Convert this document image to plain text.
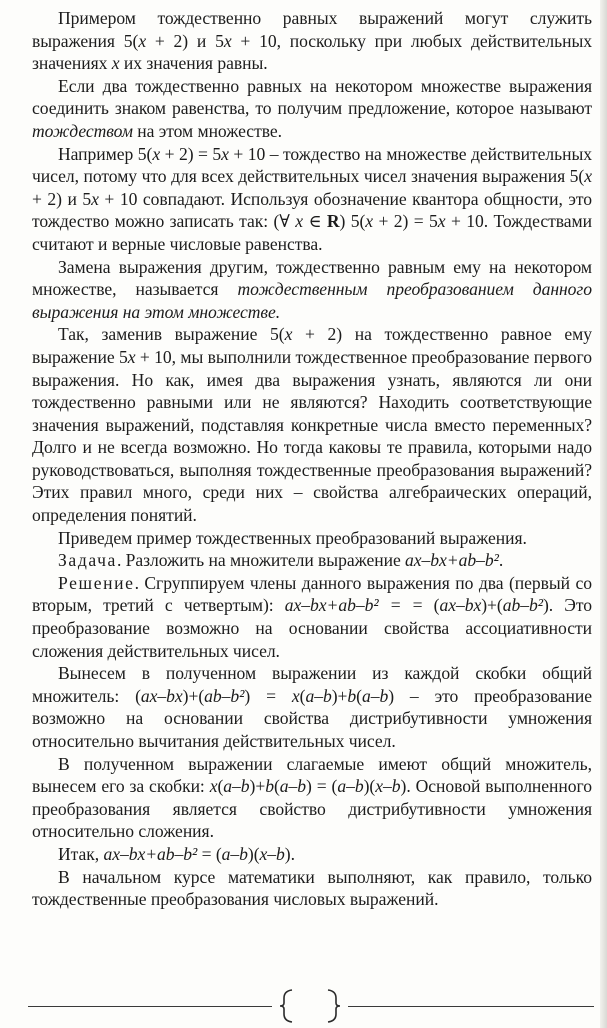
Примером тождественно равных выражений могут служить выражения 5(x + 2) и 5x + 10, поскольку при любых действительных значениях x их значения равны.

Если два тождественно равных на некотором множестве выражения соединить знаком равенства, то получим предложение, которое называют тождеством на этом множестве.

Например 5(x + 2) = 5x + 10 – тождество на множестве действительных чисел, потому что для всех действительных чисел значения выражения 5(x + 2) и 5x + 10 совпадают. Используя обозначение квантора общности, это тождество можно записать так: (∀ x ∈ R) 5(x + 2) = 5x + 10. Тождествами считают и верные числовые равенства.

Замена выражения другим, тождественно равным ему на некотором множестве, называется тождественным преобразованием данного выражения на этом множестве.

Так, заменив выражение 5(x + 2) на тождественно равное ему выражение 5x + 10, мы выполнили тождественное преобразование первого выражения. Но как, имея два выражения узнать, являются ли они тождественно равными или не являются? Находить соответствующие значения выражений, подставляя конкретные числа вместо переменных? Долго и не всегда возможно. Но тогда каковы те правила, которыми надо руководствоваться, выполняя тождественные преобразования выражений? Этих правил много, среди них – свойства алгебраических операций, определения понятий.

Приведем пример тождественных преобразований выражения.

Задача. Разложить на множители выражение ax–bx+ab–b².

Решение. Сгруппируем члены данного выражения по два (первый со вторым, третий с четвертым): ax–bx+ab–b² = = (ax–bx)+(ab–b²). Это преобразование возможно на основании свойства ассоциативности сложения действительных чисел.

Вынесем в полученном выражении из каждой скобки общий множитель: (ax–bx)+(ab–b²) = x(a–b)+b(a–b) – это преобразование возможно на основании свойства дистрибутивности умножения относительно вычитания действительных чисел.

В полученном выражении слагаемые имеют общий множитель, вынесем его за скобки: x(a–b)+b(a–b) = (a–b)(x–b). Основой выполненного преобразования является свойство дистрибутивности умножения относительно сложения.

Итак, ax–bx+ab–b² = (a–b)(x–b).

В начальном курсе математики выполняют, как правило, только тождественные преобразования числовых выражений.
